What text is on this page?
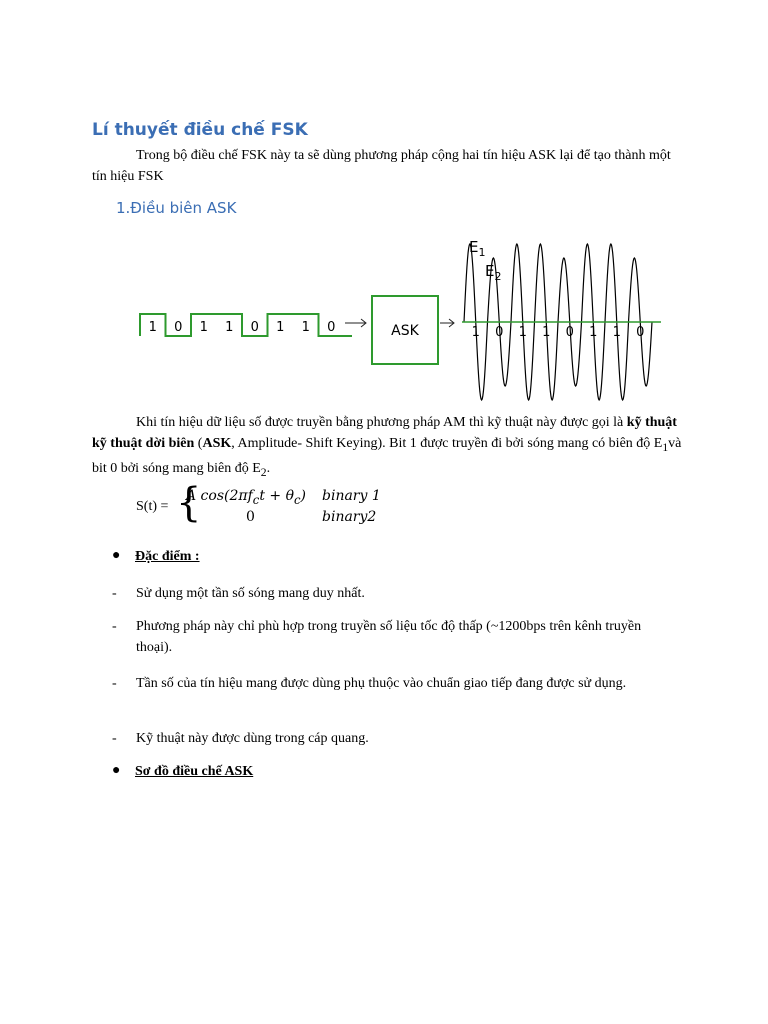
Lí thuyết điều chế FSK
Trong bộ điều chế FSK này ta sẽ dùng phương pháp cộng hai tín hiệu ASK lại để tạo thành một tín hiệu FSK
1.Điều biên ASK
1 0 1 1 0 1 1 0	ASK	1 0 1 1 0 1 1 0
$E_1$
$E_2$
Khi tín hiệu dữ liệu số được truyền bằng phương pháp AM thì kỹ thuật này được gọi là kỹ thuật kỹ thuật dời biên (ASK, Amplitude- Shift Keying). Bit 1 được truyền đi bởi sóng mang có biên độ $E_1và$ bit 0 bởi sóng mang biên độ $E_2$.
S(t) = {
A $\cos(2\pi f_ct + \theta_c)$ binary 1
0	binary2
● Đặc điểm :
- Sử dụng một tần số sóng mang duy nhất.
- Phương pháp này chỉ phù hợp trong truyền số liệu tốc độ thấp (~1200bps trên kênh truyền thoại).
- Tần số của tín hiệu mang được dùng phụ thuộc vào chuẩn giao tiếp đang được sử dụng.
- Kỹ thuật này được dùng trong cáp quang.
● Sơ đồ điều chế ASK
